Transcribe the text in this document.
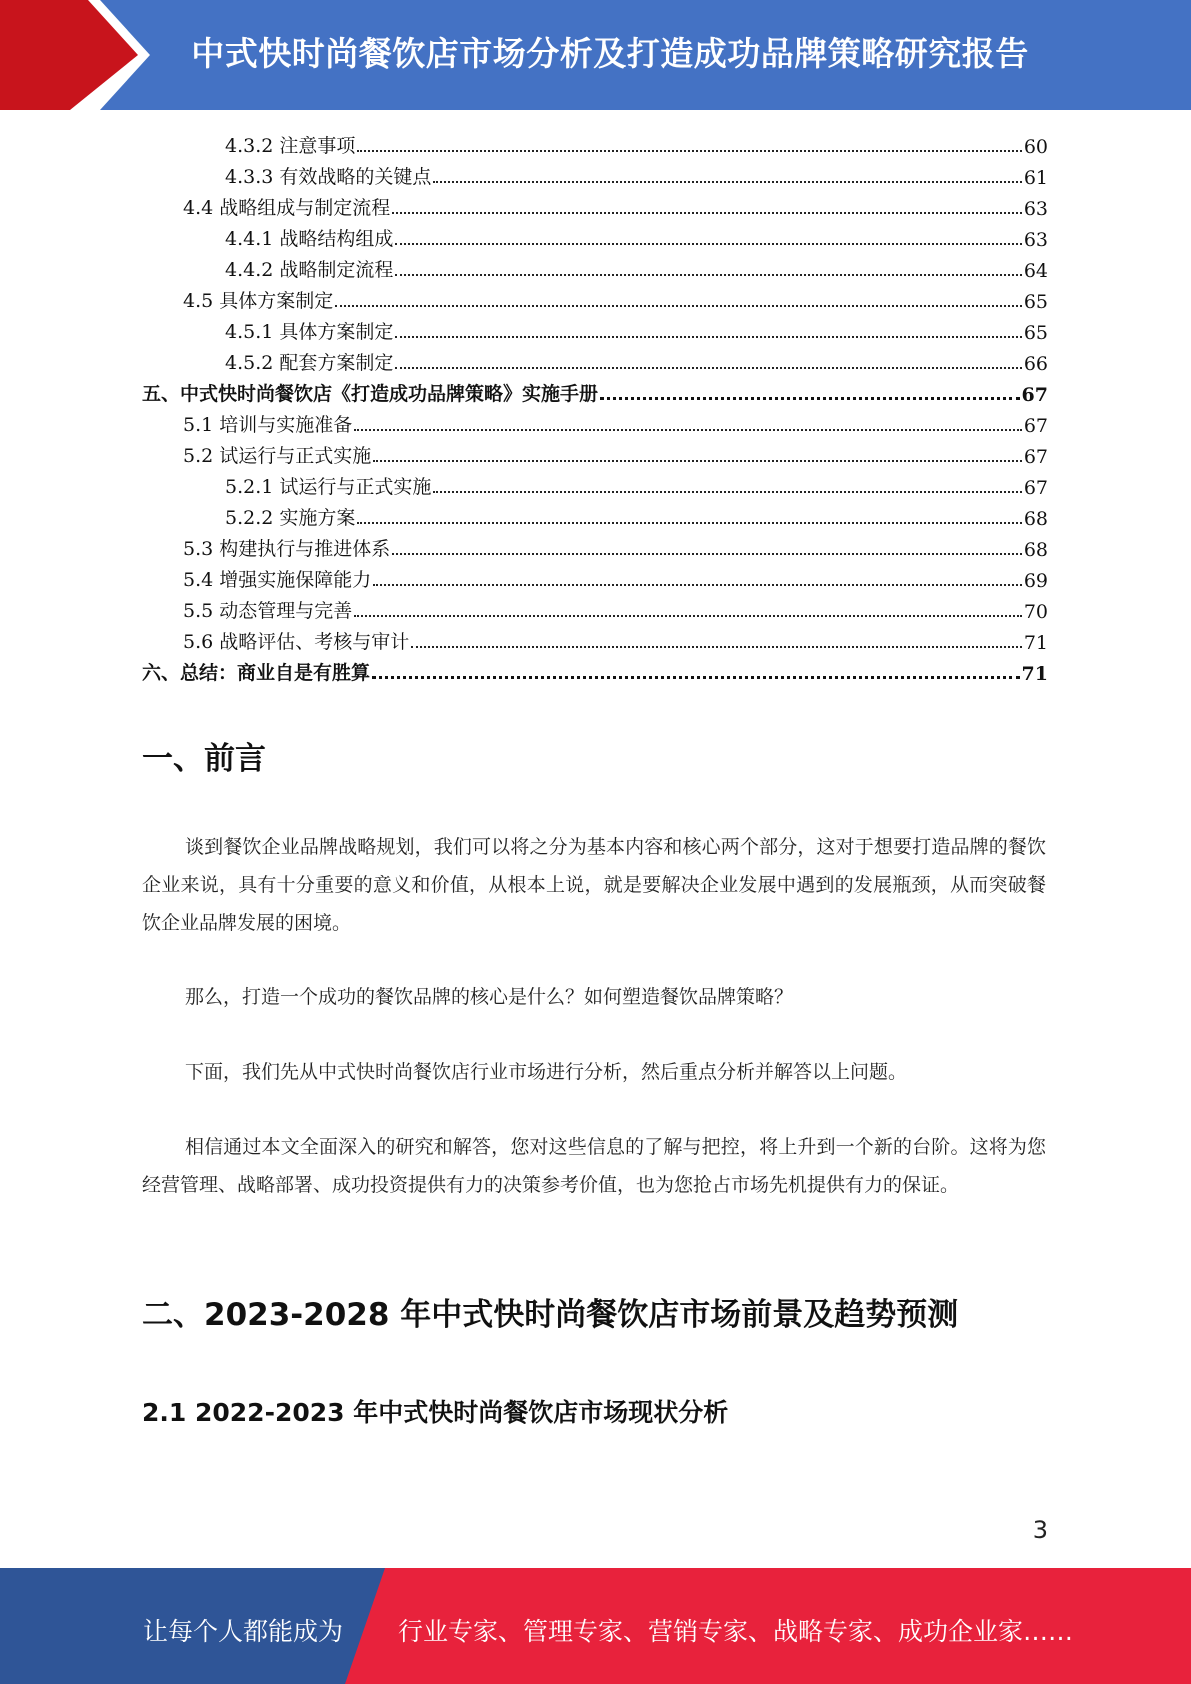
中式快时尚餐饮店市场分析及打造成功品牌策略研究报告
4.3.2 注意事项	60
4.3.3 有效战略的关键点	61
4.4 战略组成与制定流程	63
4.4.1 战略结构组成	63
4.4.2 战略制定流程	64
4.5 具体方案制定	65
4.5.1 具体方案制定	65
4.5.2 配套方案制定	66
五、中式快时尚餐饮店《打造成功品牌策略》实施手册	67
5.1 培训与实施准备	67
5.2 试运行与正式实施	67
5.2.1 试运行与正式实施	67
5.2.2 实施方案	68
5.3 构建执行与推进体系	68
5.4 增强实施保障能力	69
5.5 动态管理与完善	70
5.6 战略评估、考核与审计	71
六、总结：商业自是有胜算	71
一、前言
谈到餐饮企业品牌战略规划，我们可以将之分为基本内容和核心两个部分，这对于想要打造品牌的餐饮企业来说，具有十分重要的意义和价值，从根本上说，就是要解决企业发展中遇到的发展瓶颈，从而突破餐饮企业品牌发展的困境。
那么，打造一个成功的餐饮品牌的核心是什么？如何塑造餐饮品牌策略？
下面，我们先从中式快时尚餐饮店行业市场进行分析，然后重点分析并解答以上问题。
相信通过本文全面深入的研究和解答，您对这些信息的了解与把控，将上升到一个新的台阶。这将为您经营管理、战略部署、成功投资提供有力的决策参考价值，也为您抢占市场先机提供有力的保证。
二、2023-2028 年中式快时尚餐饮店市场前景及趋势预测
2.1 2022-2023 年中式快时尚餐饮店市场现状分析
3
让每个人都能成为 行业专家、管理专家、营销专家、战略专家、成功企业家……
